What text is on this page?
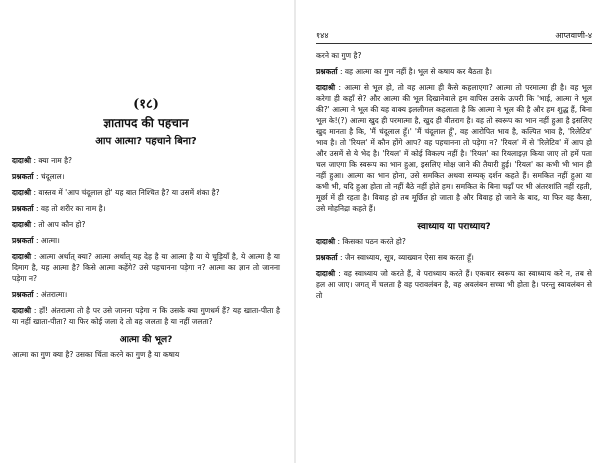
(१८)
ज्ञातापद की पहचान
आप आत्मा? पहचाने बिना?

दादाश्री : क्या नाम है?

प्रश्नकर्ता : चंदूलाल।

दादाश्री : वास्तव में 'आप चंदूलाल हो' यह बात निश्चित है? या उसमें शंका है?

प्रश्नकर्ता : वह तो शरीर का नाम है।

दादाश्री : तो आप कौन हो?

प्रश्नकर्ता : आत्मा।

दादाश्री : आत्मा अर्थात् क्या? आत्मा अर्थात् यह देह है या आत्मा है या ये चूड़ियाँ है, ये आत्मा है या दिमाग है, यह आत्मा है? किसे आत्मा कहेंगे? उसे पहचानना पड़ेगा न? आत्मा का ज्ञान तो जानना पड़ेगा न?

प्रश्नकर्ता : अंतरात्मा।

दादाश्री : हाँ! अंतरात्मा तो है पर उसे जानना पड़ेगा न कि उसके क्या गुणधर्म हैं? यह खाता-पीता है या नहीं खाता-पीता? या फिर कोई जला दे तो वह जलता है या नहीं जलता?

आत्मा की भूल?

आत्मा का गुण क्या है? उसका चिंता करने का गुण है या कषाय

१४४	आप्तवाणी-४

करने का गुण है?

प्रश्नकर्ता : वह आत्मा का गुण नहीं है। भूल से कषाय कर बैठता है।

दादाश्री : आत्मा से भूल हो, तो वह आत्मा ही कैसे कहलाएगा? आत्मा तो परमात्मा ही है। वह भूल करेगा ही कहाँ से? और आत्मा की भूल दिखानेवाले हम वापिस उसके ऊपरी कि 'भाई, आत्मा ने भूल की?' आत्मा ने भूल की यह वाक्य इललीगल कहलाता है कि आत्मा ने भूल की है और हम शुद्ध हैं, बिना भूल के!(?) आत्मा खुद ही परमात्मा है, खुद ही वीतराग है। वह तो स्वरूप का भान नहीं हुआ है इसलिए खुद मानता है कि, 'मैं चंदूलाल हूँ।' 'मैं चंदूलाल हूँ', वह आरोपित भाव है, कल्पित भाव है, 'रिलेटिव' भाव है। तो 'रियल' में कौन होंगे आप? वह पहचानना तो पड़ेगा न? 'रियल' में से 'रिलेटिव' में आप हो और उसमें से ये भेद है। 'रियल' में कोई विकल्प नहीं है। 'रियल' का रियलाइज़ किया जाए तो हमें पता चल जाएगा कि स्वरूप का भान हुआ, इसलिए मोक्ष जाने की तैयारी हुई। 'रियल' का कभी भी भान ही नहीं हुआ। आत्मा का भान होना, उसे समकित अथवा सम्यक् दर्शन कहते हैं। समकित नहीं हुआ या कभी भी, यदि हुआ होता तो नहीं बैठे नहीं होते हम। समकित के बिना चढ़ाँ पर भी अंतरशांति नहीं रहती, मूर्छा में ही रहता है। विवाह हो तब मूर्छित हो जाता है और विवाह हो जाने के बाद, या फिर वह कैसा, उसे मोहनिद्रा कहते हैं।

स्वाध्याय या पराध्याय?

दादाश्री : किसका पठन करते हो?

प्रश्नकर्ता : जैन स्वाध्याय, सूत्र, व्याख्यान ऐसा सब करता हूँ।

दादाश्री : वह स्वाध्याय जो करते हैं, वे पराध्याय करते हैं। एकबार स्वरूप का स्वाध्याय करे न, तब से हल आ जाए। जगत् में चलता है वह परावलंबन है, वह अवलंबन सच्चा भी होता है। परन्तु स्वावलंबन से तो
